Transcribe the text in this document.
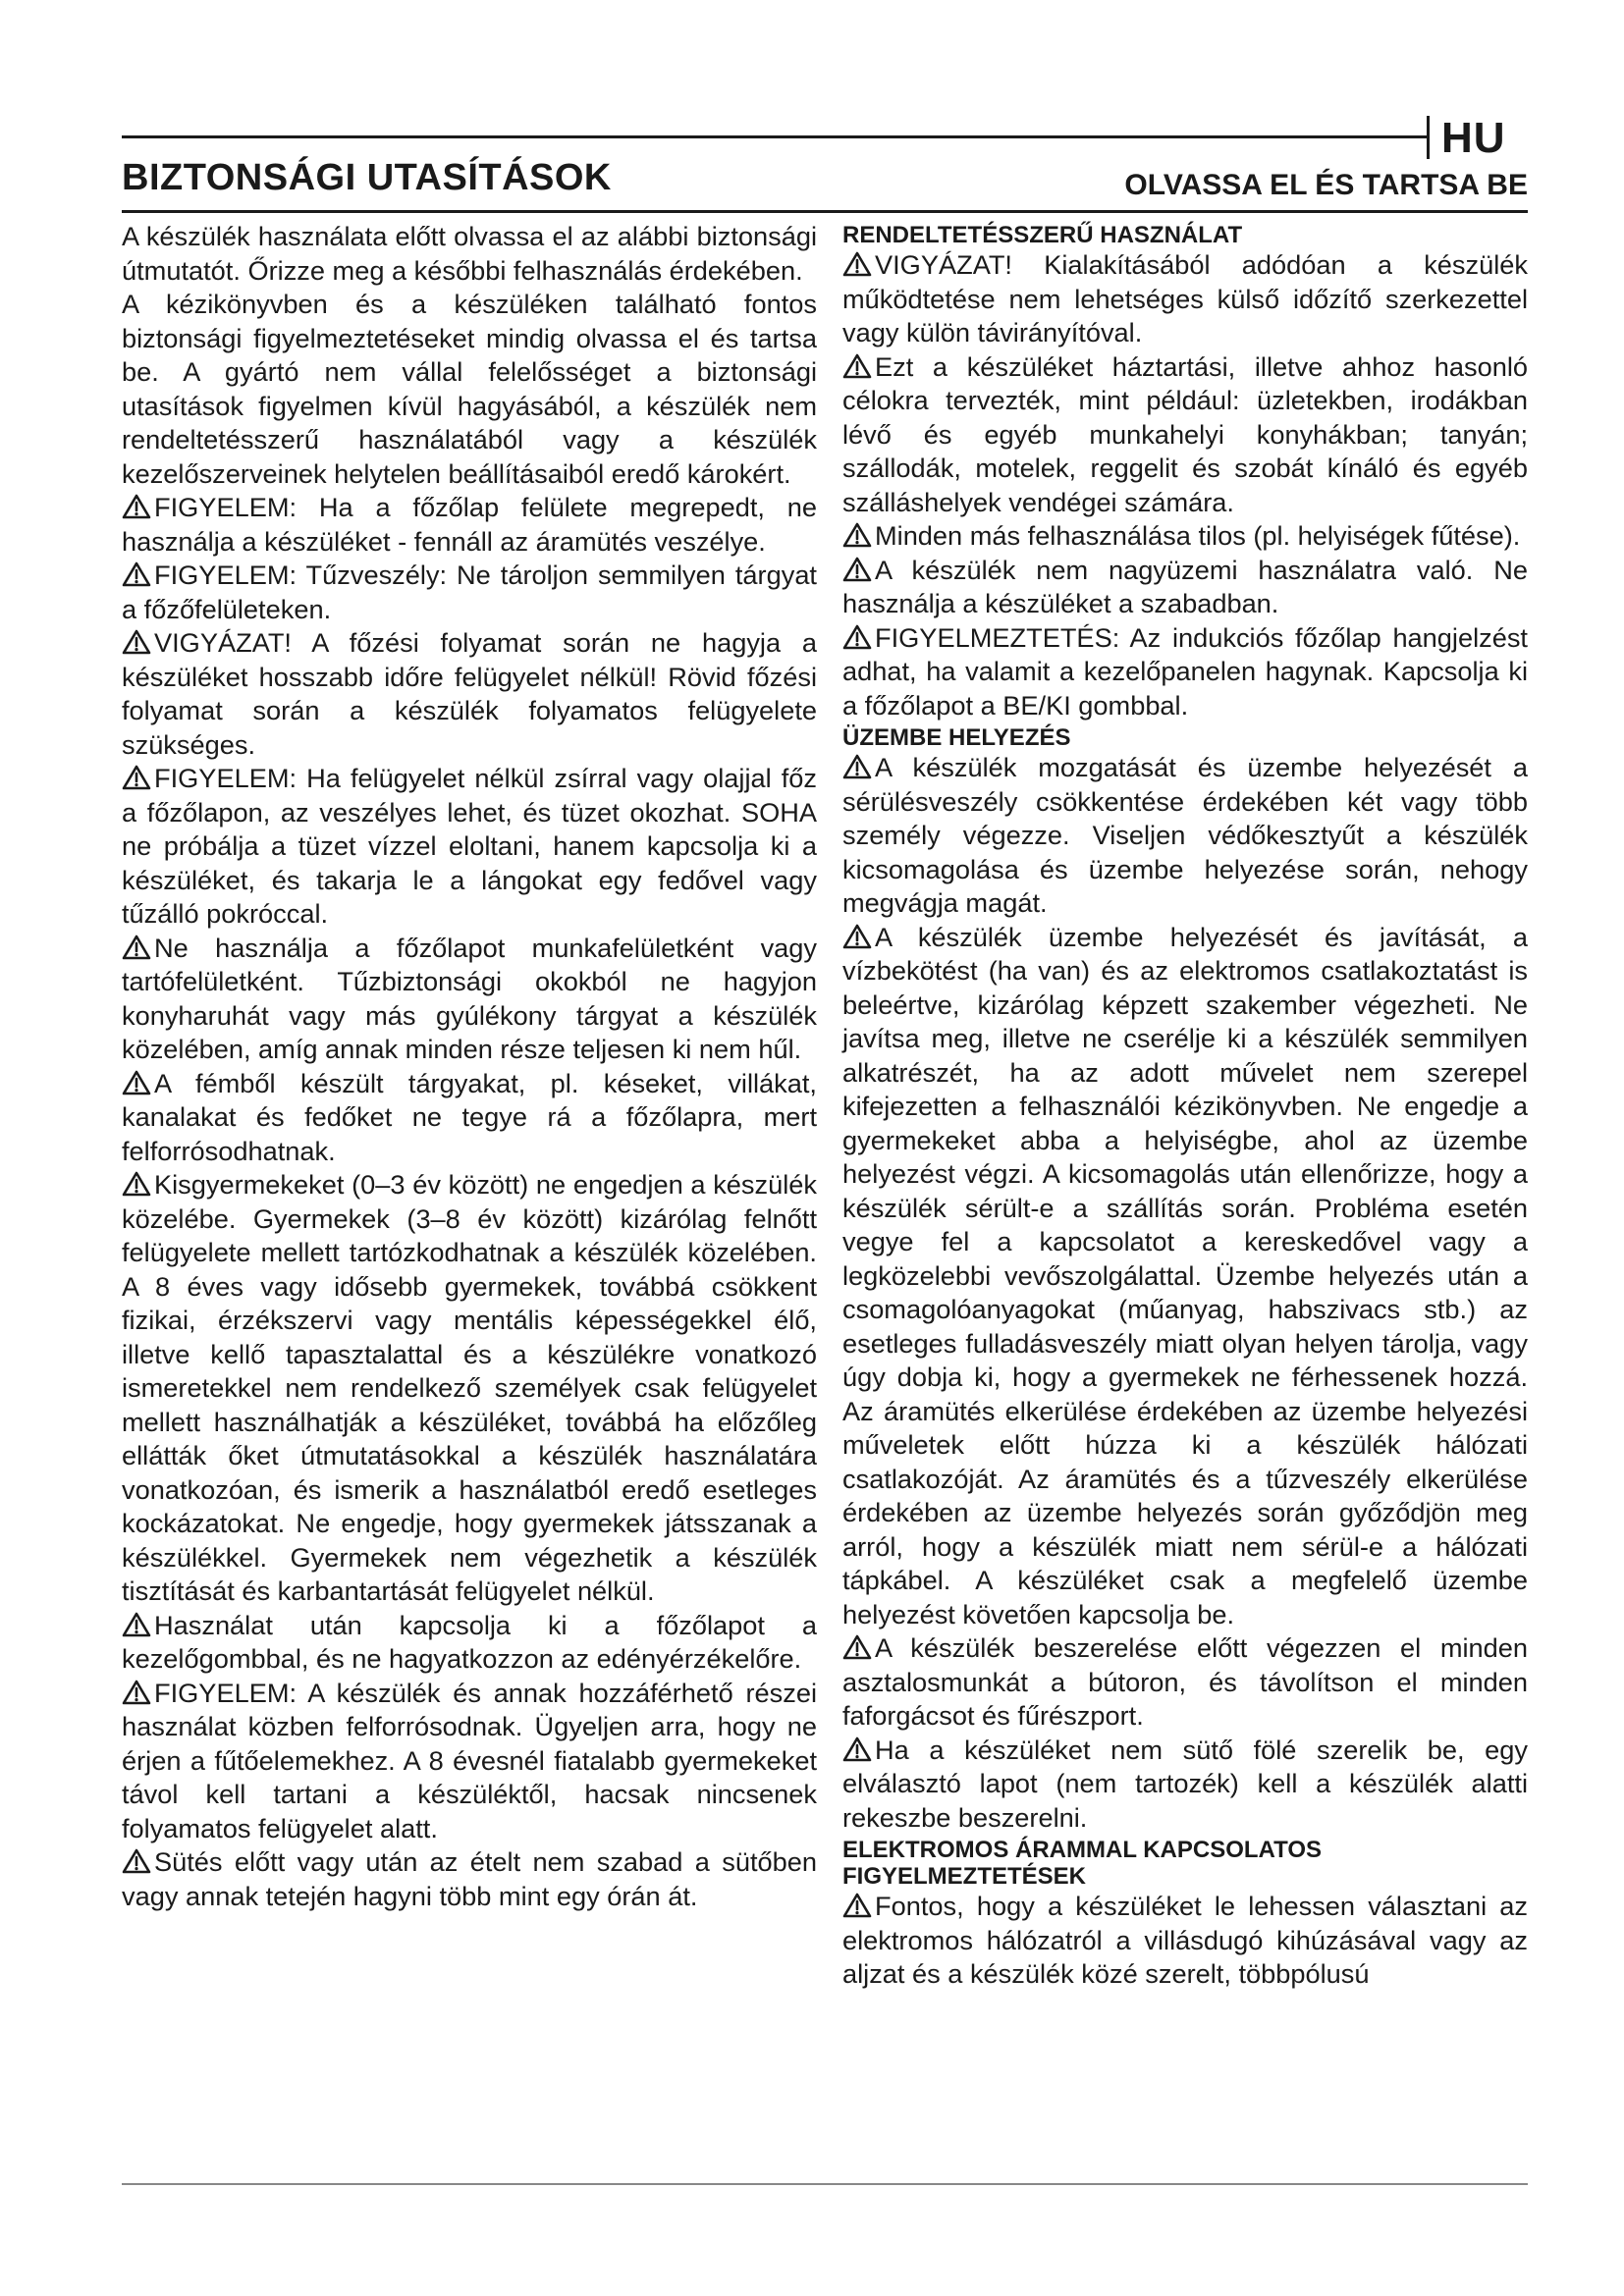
HU
BIZTONSÁGI UTASÍTÁSOK	OLVASSA EL ÉS TARTSA BE

A készülék használata előtt olvassa el az alábbi biztonsági útmutatót. Őrizze meg a későbbi felhasználás érdekében.

A kézikönyvben és a készüléken található fontos biztonsági figyelmeztetéseket mindig olvassa el és tartsa be. A gyártó nem vállal felelősséget a biztonsági utasítások figyelmen kívül hagyásából, a készülék nem rendeltetésszerű használatából vagy a készülék kezelőszerveinek helytelen beállításaiból eredő károkért.

FIGYELEM: Ha a főzőlap felülete megrepedt, ne használja a készüléket - fennáll az áramütés veszélye.

FIGYELEM: Tűzveszély: Ne tároljon semmilyen tárgyat a főzőfelületeken.

VIGYÁZAT! A főzési folyamat során ne hagyja a készüléket hosszabb időre felügyelet nélkül! Rövid főzési folyamat során a készülék folyamatos felügyelete szükséges.

FIGYELEM: Ha felügyelet nélkül zsírral vagy olajjal főz a főzőlapon, az veszélyes lehet, és tüzet okozhat. SOHA ne próbálja a tüzet vízzel eloltani, hanem kapcsolja ki a készüléket, és takarja le a lángokat egy fedővel vagy tűzálló pokróccal.

Ne használja a főzőlapot munkafelületként vagy tartófelületként. Tűzbiztonsági okokból ne hagyjon konyharuhát vagy más gyúlékony tárgyat a készülék közelében, amíg annak minden része teljesen ki nem hűl.

A fémből készült tárgyakat, pl. késeket, villákat, kanalakat és fedőket ne tegye rá a főzőlapra, mert felforrósodhatnak.

Kisgyermekeket (0–3 év között) ne engedjen a készülék közelébe. Gyermekek (3–8 év között) kizárólag felnőtt felügyelete mellett tartózkodhatnak a készülék közelében. A 8 éves vagy idősebb gyermekek, továbbá csökkent fizikai, érzékszervi vagy mentális képességekkel élő, illetve kellő tapasztalattal és a készülékre vonatkozó ismeretekkel nem rendelkező személyek csak felügyelet mellett használhatják a készüléket, továbbá ha előzőleg ellátták őket útmutatásokkal a készülék használatára vonatkozóan, és ismerik a használatból eredő esetleges kockázatokat. Ne engedje, hogy gyermekek játsszanak a készülékkel. Gyermekek nem végezhetik a készülék tisztítását és karbantartását felügyelet nélkül.

Használat után kapcsolja ki a főzőlapot a kezelőgombbal, és ne hagyatkozzon az edényérzékelőre.

FIGYELEM: A készülék és annak hozzáférhető részei használat közben felforrósodnak. Ügyeljen arra, hogy ne érjen a fűtőelemekhez. A 8 évesnél fiatalabb gyermekeket távol kell tartani a készüléktől, hacsak nincsenek folyamatos felügyelet alatt.

Sütés előtt vagy után az ételt nem szabad a sütőben vagy annak tetején hagyni több mint egy órán át.

RENDELTETÉSSZERŰ HASZNÁLAT

VIGYÁZAT! Kialakításából adódóan a készülék működtetése nem lehetséges külső időzítő szerkezettel vagy külön távirányítóval.

Ezt a készüléket háztartási, illetve ahhoz hasonló célokra tervezték, mint például: üzletekben, irodákban lévő és egyéb munkahelyi konyhákban; tanyán; szállodák, motelek, reggelit és szobát kínáló és egyéb szálláshelyek vendégei számára.

Minden más felhasználása tilos (pl. helyiségek fűtése).

A készülék nem nagyüzemi használatra való. Ne használja a készüléket a szabadban.

FIGYELMEZTETÉS: Az indukciós főzőlap hangjelzést adhat, ha valamit a kezelőpanelen hagynak. Kapcsolja ki a főzőlapot a BE/KI gombbal.

ÜZEMBE HELYEZÉS

A készülék mozgatását és üzembe helyezését a sérülésveszély csökkentése érdekében két vagy több személy végezze. Viseljen védőkesztyűt a készülék kicsomagolása és üzembe helyezése során, nehogy megvágja magát.

A készülék üzembe helyezését és javítását, a vízbekötést (ha van) és az elektromos csatlakoztatást is beleértve, kizárólag képzett szakember végezheti. Ne javítsa meg, illetve ne cserélje ki a készülék semmilyen alkatrészét, ha az adott művelet nem szerepel kifejezetten a felhasználói kézikönyvben. Ne engedje a gyermekeket abba a helyiségbe, ahol az üzembe helyezést végzi. A kicsomagolás után ellenőrizze, hogy a készülék sérült-e a szállítás során. Probléma esetén vegye fel a kapcsolatot a kereskedővel vagy a legközelebbi vevőszolgálattal. Üzembe helyezés után a csomagolóanyagokat (műanyag, habszivacs stb.) az esetleges fulladásveszély miatt olyan helyen tárolja, vagy úgy dobja ki, hogy a gyermekek ne férhessenek hozzá. Az áramütés elkerülése érdekében az üzembe helyezési műveletek előtt húzza ki a készülék hálózati csatlakozóját. Az áramütés és a tűzveszély elkerülése érdekében az üzembe helyezés során győződjön meg arról, hogy a készülék miatt nem sérül-e a hálózati tápkábel. A készüléket csak a megfelelő üzembe helyezést követően kapcsolja be.

A készülék beszerelése előtt végezzen el minden asztalosmunkát a bútoron, és távolítson el minden faforgácsot és fűrészport.

Ha a készüléket nem sütő fölé szerelik be, egy elválasztó lapot (nem tartozék) kell a készülék alatti rekeszbe beszerelni.

ELEKTROMOS ÁRAMMAL KAPCSOLATOS FIGYELMEZTETÉSEK

Fontos, hogy a készüléket le lehessen választani az elektromos hálózatról a villásdugó kihúzásával vagy az aljzat és a készülék közé szerelt, többpólusú
